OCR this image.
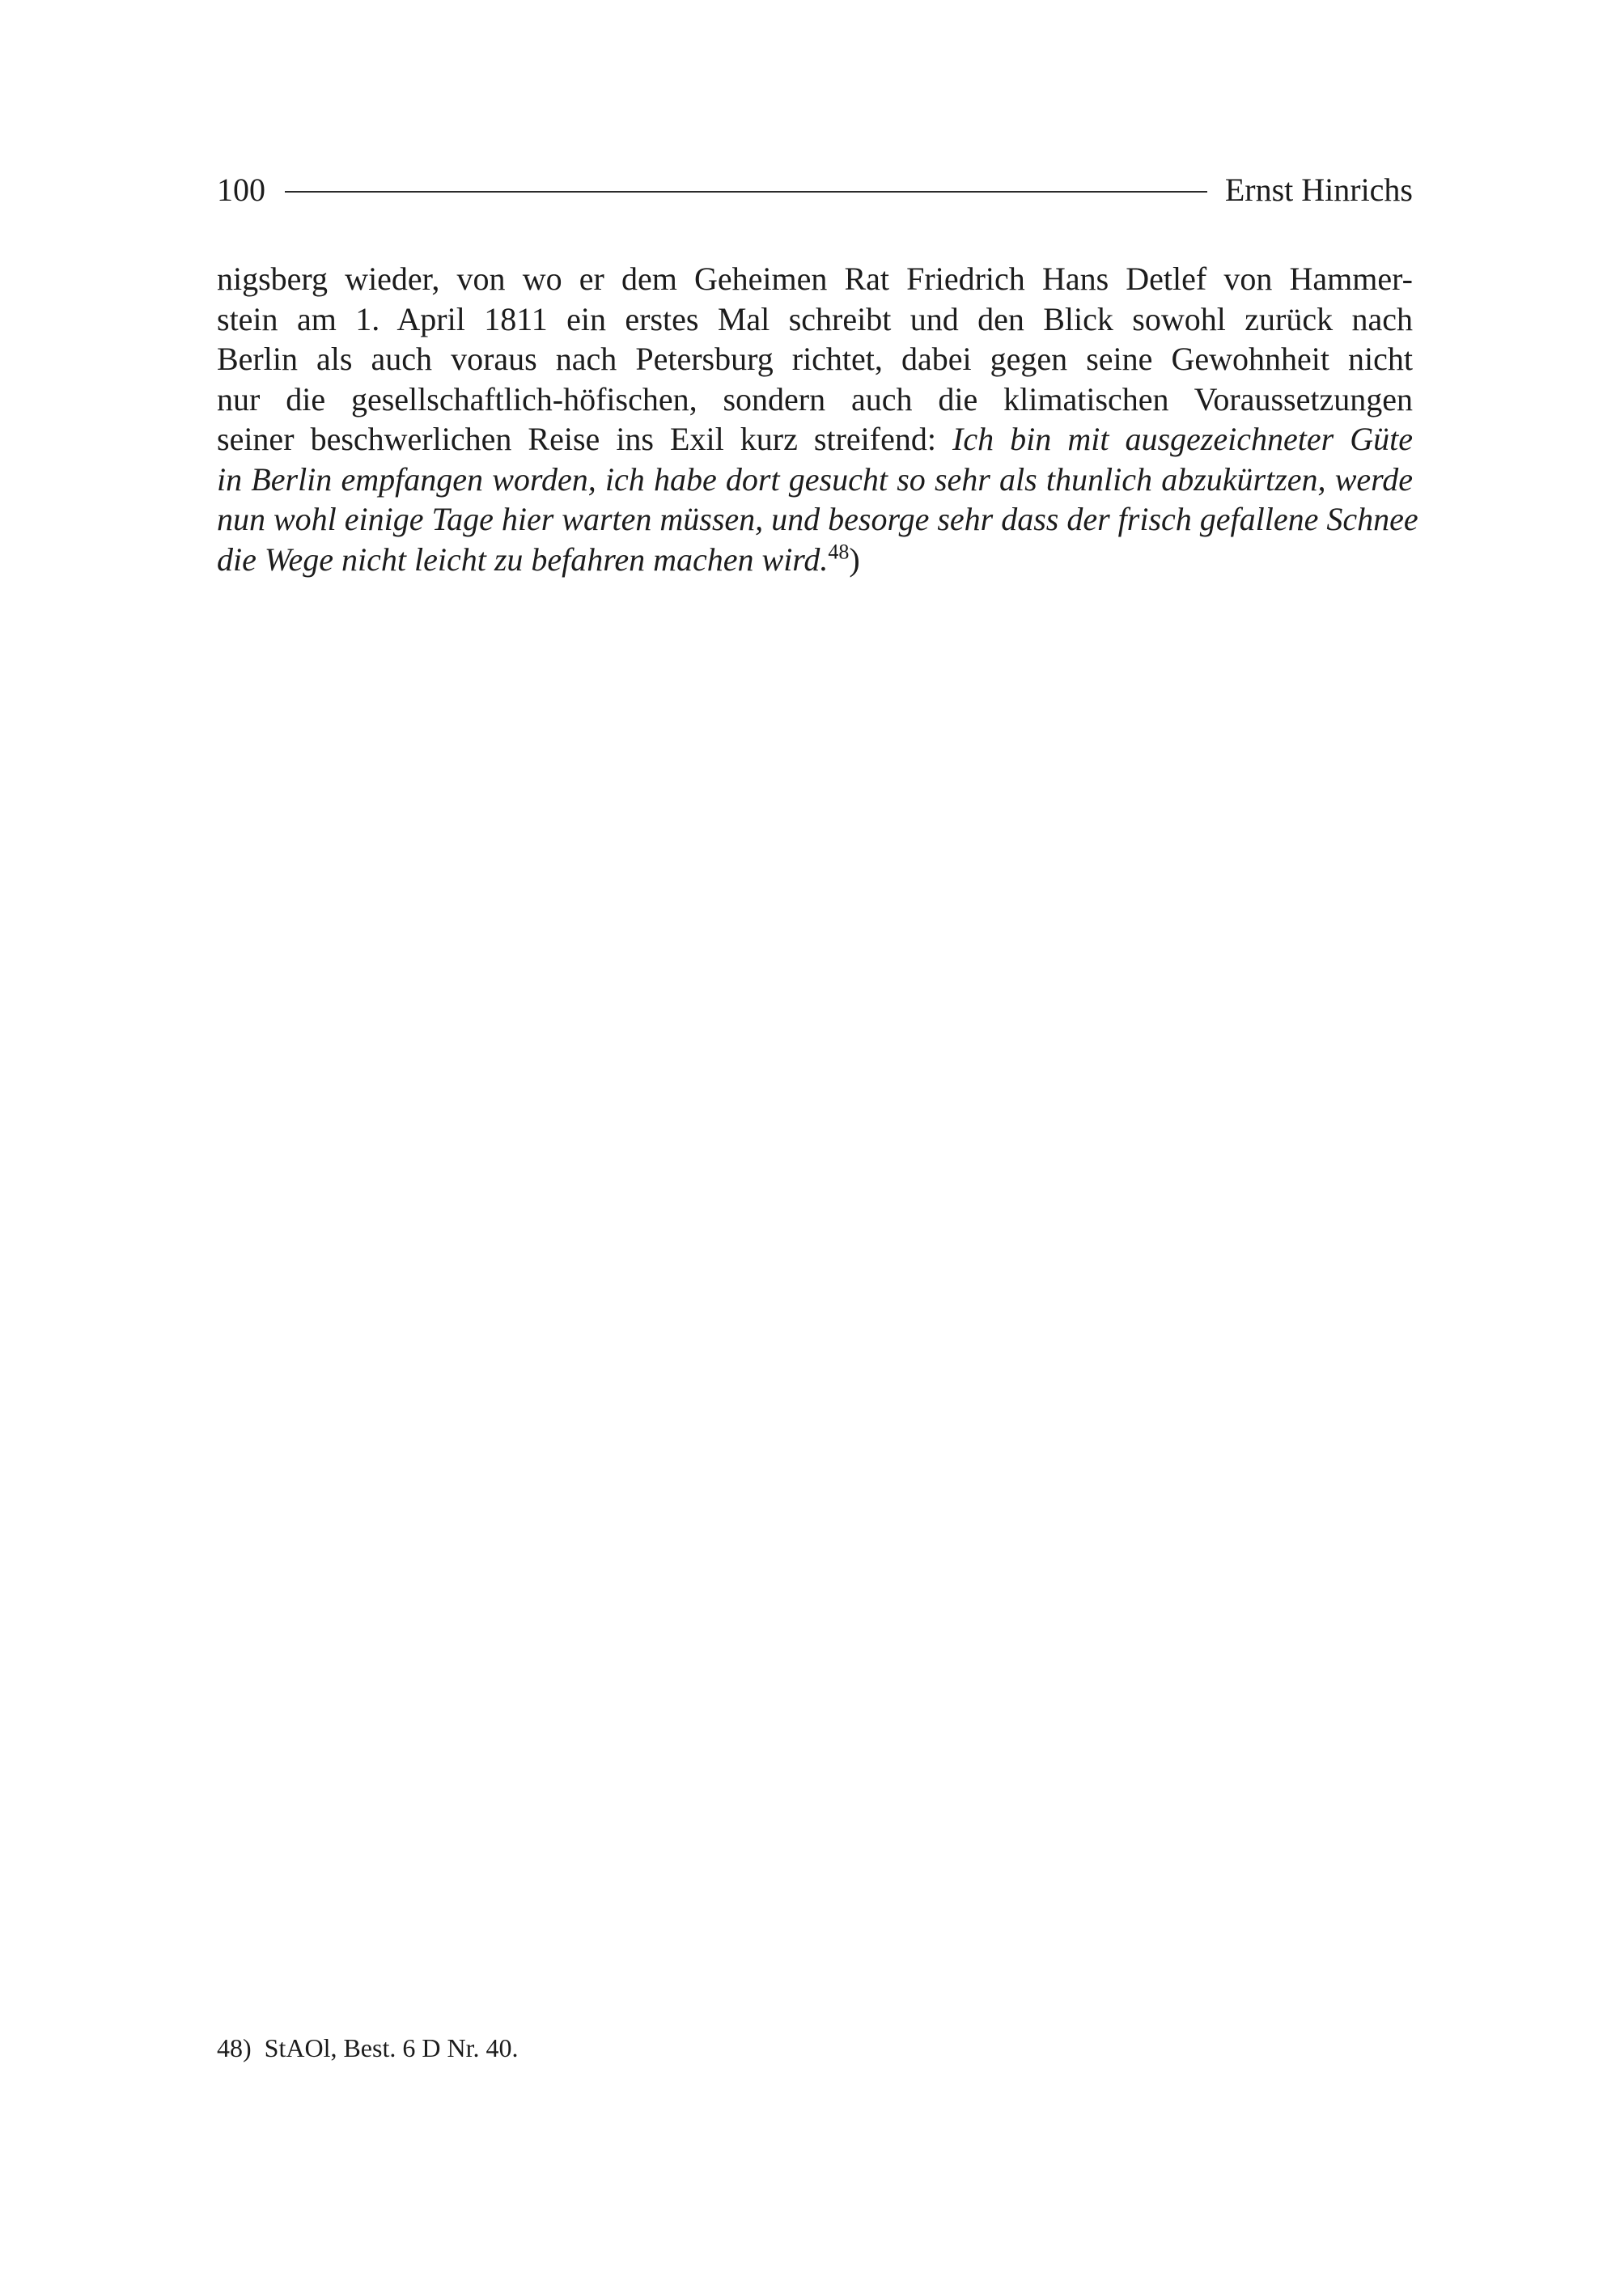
100	Ernst Hinrichs
nigsberg wieder, von wo er dem Geheimen Rat Friedrich Hans Detlef von Hammer-
stein am 1. April 1811 ein erstes Mal schreibt und den Blick sowohl zurück nach
Berlin als auch voraus nach Petersburg richtet, dabei gegen seine Gewohnheit nicht
nur die gesellschaftlich-höfischen, sondern auch die klimatischen Voraussetzungen
seiner beschwerlichen Reise ins Exil kurz streifend: Ich bin mit ausgezeichneter Güte
in Berlin empfangen worden, ich habe dort gesucht so sehr als thunlich abzukürtzen, werde
nun wohl einige Tage hier warten müssen, und besorge sehr dass der frisch gefallene Schnee
die Wege nicht leicht zu befahren machen wird.$^{48}$)
48) StAOl, Best. 6 D Nr. 40.
